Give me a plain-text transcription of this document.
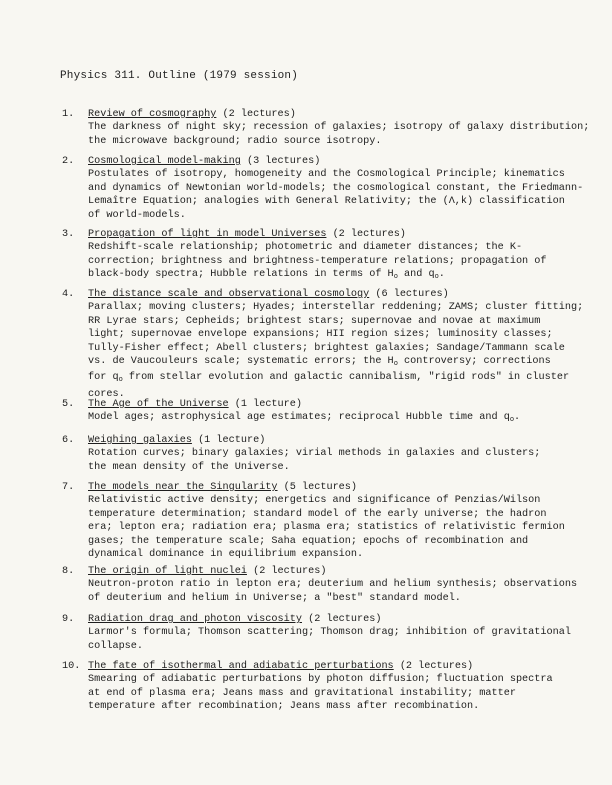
Physics 311. Outline (1979 session)
1.	Review of cosmography (2 lectures)
The darkness of night sky; recession of galaxies; isotropy of galaxy distribution;
the microwave background; radio source isotropy.
2.	Cosmological model-making (3 lectures)
Postulates of isotropy, homogeneity and the Cosmological Principle; kinematics
and dynamics of Newtonian world-models; the cosmological constant, the Friedmann-
Lemaître Equation; analogies with General Relativity; the (Λ,k) classification
of world-models.
3.	Propagation of light in model Universes (2 lectures)
Redshift-scale relationship; photometric and diameter distances; the K-
correction; brightness and brightness-temperature relations; propagation of
black-body spectra; Hubble relations in terms of $H_o$ and $q_o$.
4.	The distance scale and observational cosmology (6 lectures)
Parallax; moving clusters; Hyades; interstellar reddening; ZAMS; cluster fitting;
RR Lyrae stars; Cepheids; brightest stars; supernovae and novae at maximum
light; supernovae envelope expansions; HII region sizes; luminosity classes;
Tully-Fisher effect; Abell clusters; brightest galaxies; Sandage/Tammann scale
vs. de Vaucouleurs scale; systematic errors; the $H_o$ controversy; corrections
for $q_o$ from stellar evolution and galactic cannibalism, "rigid rods" in cluster
cores.
5.	The Age of the Universe (1 lecture)
Model ages; astrophysical age estimates; reciprocal Hubble time and $q_o$.
6.	Weighing galaxies (1 lecture)
Rotation curves; binary galaxies; virial methods in galaxies and clusters;
the mean density of the Universe.
7.	The models near the Singularity (5 lectures)
Relativistic active density; energetics and significance of Penzias/Wilson
temperature determination; standard model of the early universe; the hadron
era; lepton era; radiation era; plasma era; statistics of relativistic fermion
gases; the temperature scale; Saha equation; epochs of recombination and
dynamical dominance in equilibrium expansion.
8.	The origin of light nuclei (2 lectures)
Neutron-proton ratio in lepton era; deuterium and helium synthesis; observations
of deuterium and helium in Universe; a "best" standard model.
9.	Radiation drag and photon viscosity (2 lectures)
Larmor's formula; Thomson scattering; Thomson drag; inhibition of gravitational
collapse.
10. The fate of isothermal and adiabatic perturbations (2 lectures)
Smearing of adiabatic perturbations by photon diffusion; fluctuation spectra
at end of plasma era; Jeans mass and gravitational instability; matter
temperature after recombination; Jeans mass after recombination.
